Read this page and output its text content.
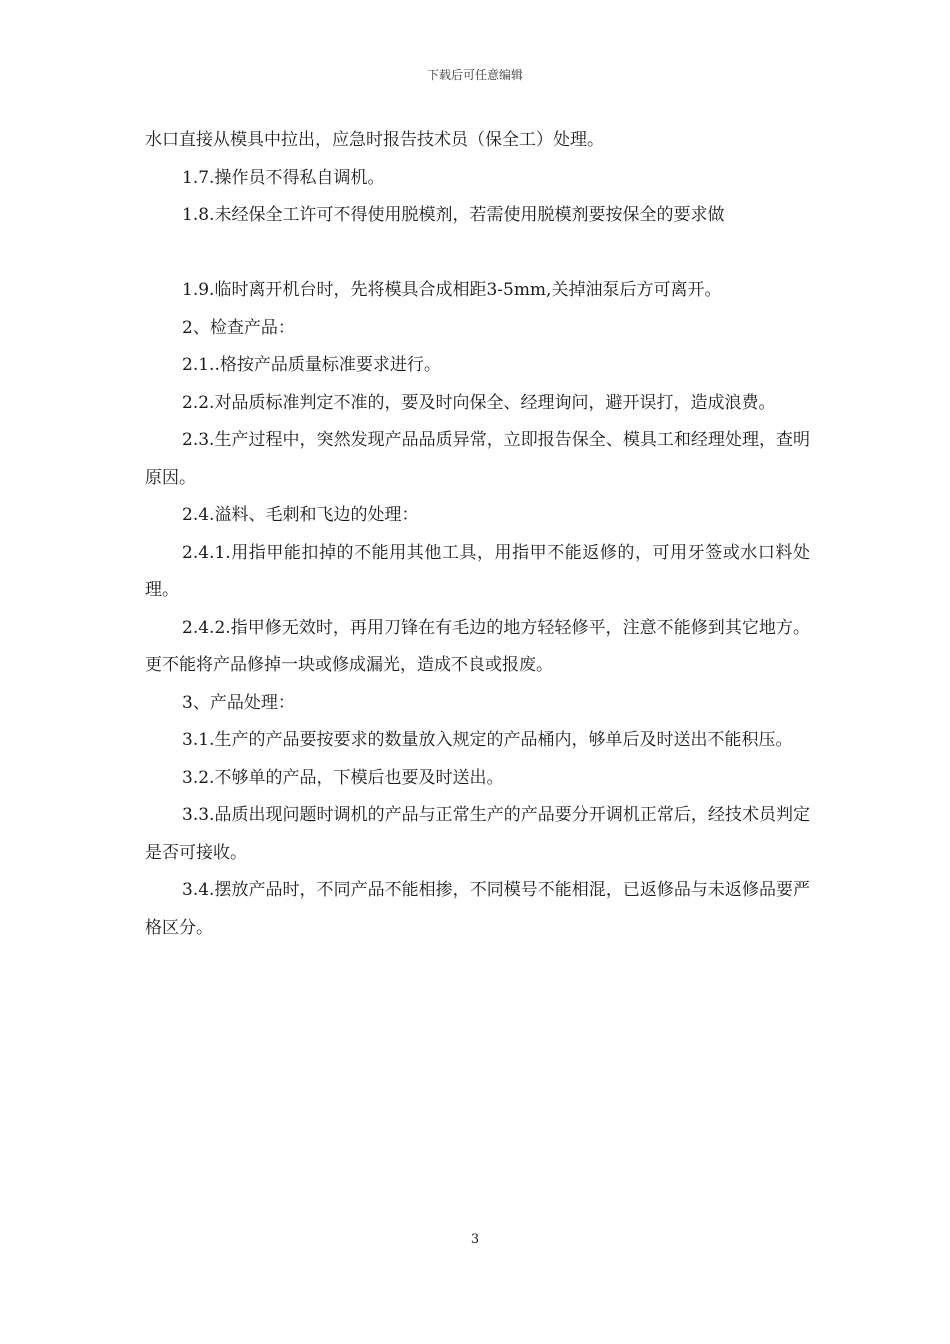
下载后可任意编辑

水口直接从模具中拉出，应急时报告技术员（保全工）处理。

1.7.操作员不得私自调机。

1.8.未经保全工许可不得使用脱模剂，若需使用脱模剂要按保全的要求做

1.9.临时离开机台时，先将模具合成相距3-5mm,关掉油泵后方可离开。

2、检查产品：

2.1..格按产品质量标准要求进行。

2.2.对品质标准判定不准的，要及时向保全、经理询问，避开误打，造成浪费。

2.3.生产过程中，突然发现产品品质异常，立即报告保全、模具工和经理处理，查明原因。

2.4.溢料、毛刺和飞边的处理：

2.4.1.用指甲能扣掉的不能用其他工具，用指甲不能返修的，可用牙签或水口料处理。

2.4.2.指甲修无效时，再用刀锋在有毛边的地方轻轻修平，注意不能修到其它地方。更不能将产品修掉一块或修成漏光，造成不良或报废。

3、产品处理：

3.1.生产的产品要按要求的数量放入规定的产品桶内，够单后及时送出不能积压。

3.2.不够单的产品，下模后也要及时送出。

3.3.品质出现问题时调机的产品与正常生产的产品要分开调机正常后，经技术员判定是否可接收。

3.4.摆放产品时，不同产品不能相掺，不同模号不能相混，已返修品与未返修品要严格区分。

3
